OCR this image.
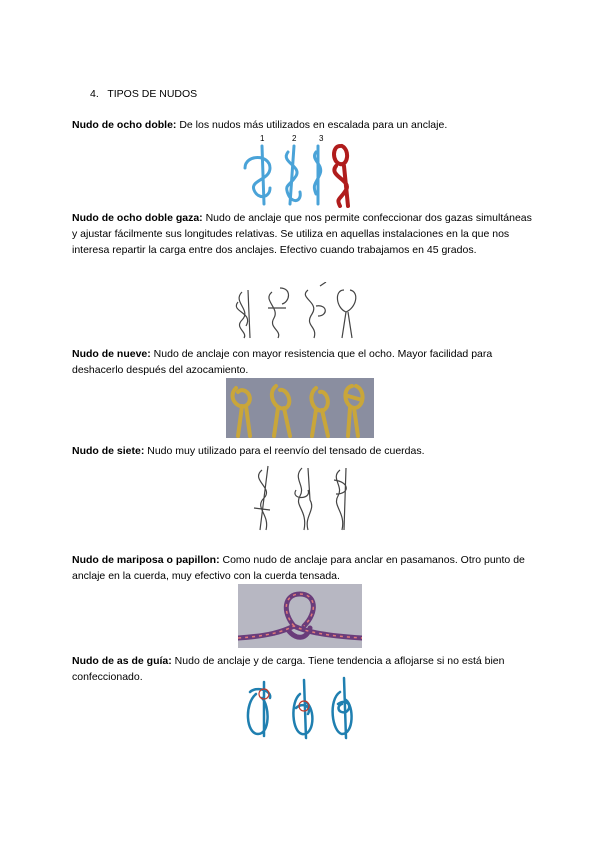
4. TIPOS DE NUDOS
Nudo de ocho doble: De los nudos más utilizados en escalada para un anclaje.
1	2	3
Nudo de ocho doble gaza: Nudo de anclaje que nos permite confeccionar dos gazas simultáneas y ajustar fácilmente sus longitudes relativas. Se utiliza en aquellas instalaciones en la que nos interesa repartir la carga entre dos anclajes. Efectivo cuando trabajamos en 45 grados.
Nudo de nueve: Nudo de anclaje con mayor resistencia que el ocho. Mayor facilidad para deshacerlo después del azocamiento.
Nudo de siete: Nudo muy utilizado para el reenvío del tensado de cuerdas.
Nudo de mariposa o papillon: Como nudo de anclaje para anclar en pasamanos. Otro punto de anclaje en la cuerda, muy efectivo con la cuerda tensada.
Nudo de as de guía: Nudo de anclaje y de carga. Tiene tendencia a aflojarse si no está bien confeccionado.
